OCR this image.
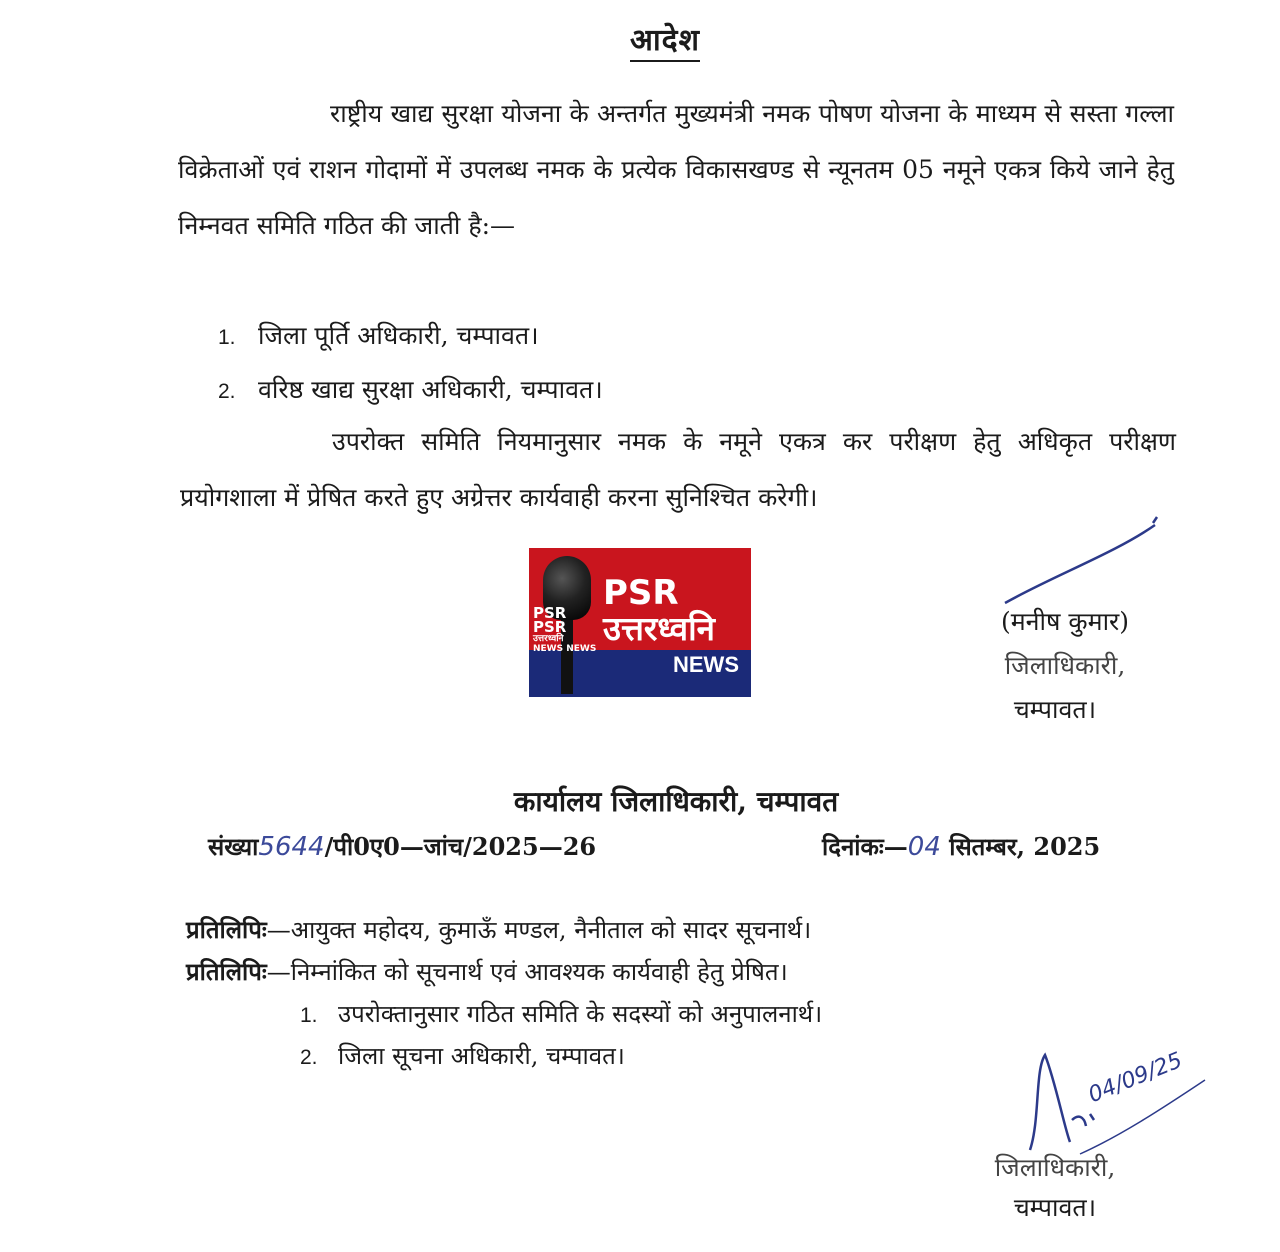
आदेश
राष्ट्रीय खाद्य सुरक्षा योजना के अन्तर्गत मुख्यमंत्री नमक पोषण योजना के माध्यम से सस्ता गल्ला विक्रेताओं एवं राशन गोदामों में उपलब्ध नमक के प्रत्येक विकासखण्ड से न्यूनतम 05 नमूने एकत्र किये जाने हेतु निम्नवत समिति गठित की जाती है:—
1. जिला पूर्ति अधिकारी, चम्पावत।
2. वरिष्ठ खाद्य सुरक्षा अधिकारी, चम्पावत।
उपरोक्त समिति नियमानुसार नमक के नमूने एकत्र कर परीक्षण हेतु अधिकृत परीक्षण प्रयोगशाला में प्रेषित करते हुए अग्रेत्तर कार्यवाही करना सुनिश्चित करेगी।
(मनीष कुमार)
जिलाधिकारी,
चम्पावत।
PSR PSR
उत्तरध्वनि
NEWS NEWS
PSR
उत्तरध्वनि
NEWS
कार्यालय जिलाधिकारी, चम्पावत
संख्या5644/पी0ए0—जांच/2025—26	दिनांकः—04 सितम्बर, 2025
प्रतिलिपिः—आयुक्त महोदय, कुमाऊँ मण्डल, नैनीताल को सादर सूचनार्थ।
प्रतिलिपिः—निम्नांकित को सूचनार्थ एवं आवश्यक कार्यवाही हेतु प्रेषित।
1. उपरोक्तानुसार गठित समिति के सदस्यों को अनुपालनार्थ।
2. जिला सूचना अधिकारी, चम्पावत।	04/09/25
जिलाधिकारी,
चम्पावत।
